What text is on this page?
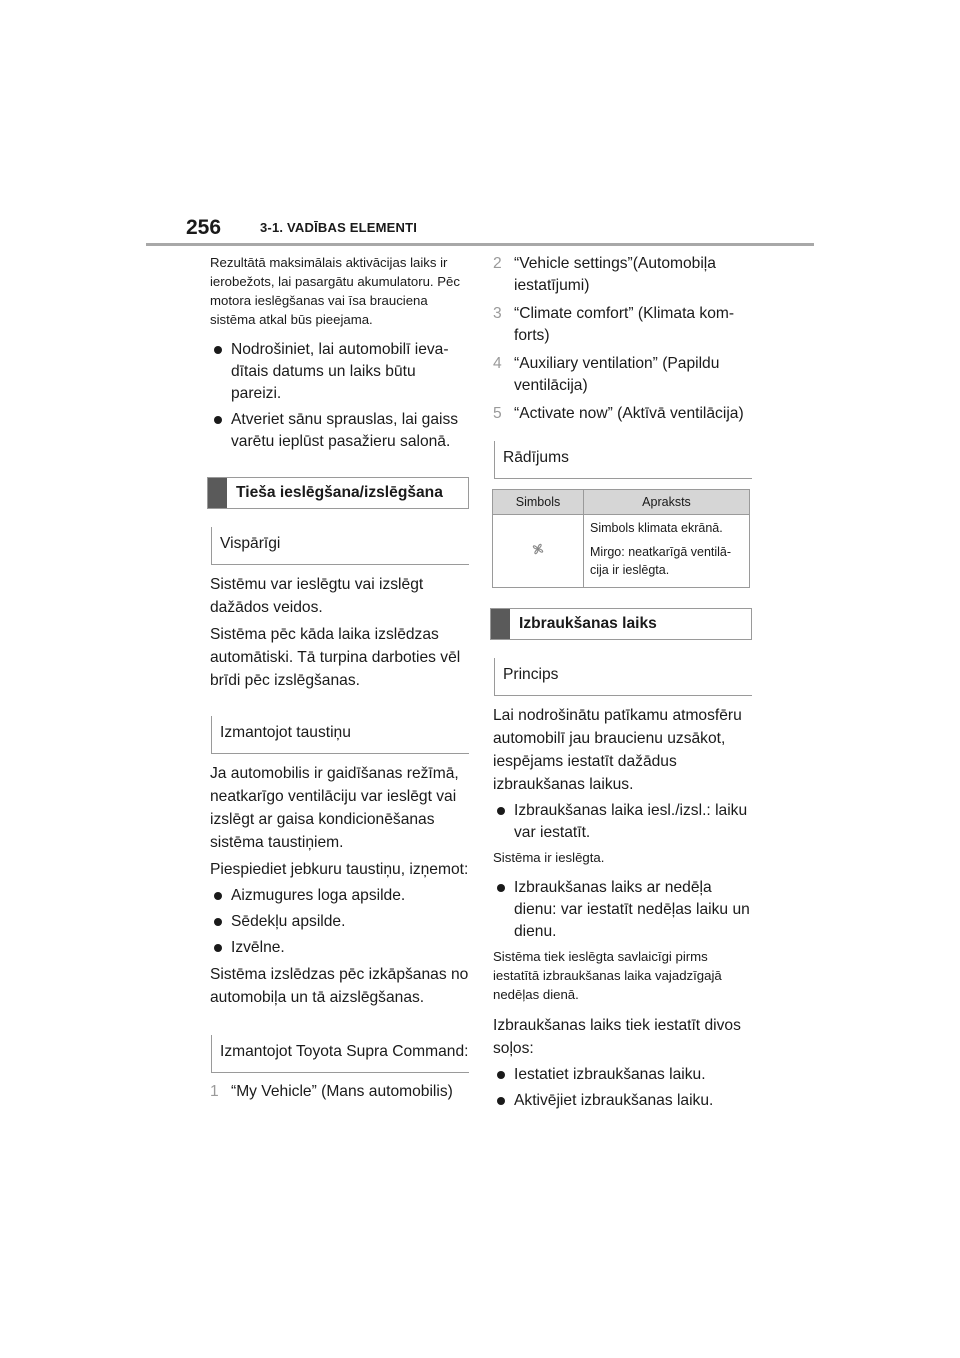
256	3-1. VADĪBAS ELEMENTI

Rezultātā maksimālais aktivācijas laiks ir ierobežots, lai pasargātu akumulatoru. Pēc motora ieslēgšanas vai īsa brauciena sistēma atkal būs pieejama.

Nodrošiniet, lai automobilī ievadītais datums un laiks būtu pareizi.
Atveriet sānu sprauslas, lai gaiss varētu ieplūst pasažieru salonā.
Tieša ieslēgšana/izslēgšana
Vispārīgi

Sistēmu var ieslēgtu vai izslēgt dažādos veidos.

Sistēma pēc kāda laika izslēdzas automātiski. Tā turpina darboties vēl brīdi pēc izslēgšanas.

Izmantojot taustiņu

Ja automobilis ir gaidīšanas režīmā, neatkarīgo ventilāciju var ieslēgt vai izslēgt ar gaisa kondicionēšanas sistēma taustiņiem.

Piespiediet jebkuru taustiņu, izņemot:

Aizmugures loga apsilde.
Sēdekļu apsilde.
Izvēlne.

Sistēma izslēdzas pēc izkāpšanas no automobiļa un tā aizslēgšanas.

Izmantojot Toyota Supra Command:
1 “My Vehicle” (Mans automobilis)
2 “Vehicle settings”(Automobiļa iestatījumi)
3 “Climate comfort” (Klimata komforts)
4 “Auxiliary ventilation” (Papildu ventilācija)
5 “Activate now” (Aktīvā ventilācija)
Rādījums
Simbols	Apraksts

Simbols klimata ekrānā.

Mirgo: neatkarīgā ventilācija ir ieslēgta.

Izbraukšanas laiks
Princips

Lai nodrošinātu patīkamu atmosfēru automobilī jau braucienu uzsākot, iespējams iestatīt dažādus izbraukšanas laikus.

Izbraukšanas laika iesl./izsl.: laiku var iestatīt.

Sistēma ir ieslēgta.

Izbraukšanas laiks ar nedēļa dienu: var iestatīt nedēļas laiku un dienu.

Sistēma tiek ieslēgta savlaicīgi pirms iestatītā izbraukšanas laika vajadzīgajā nedēļas dienā.

Izbraukšanas laiks tiek iestatīt divos soļos:

Iestatiet izbraukšanas laiku.
Aktivējiet izbraukšanas laiku.
